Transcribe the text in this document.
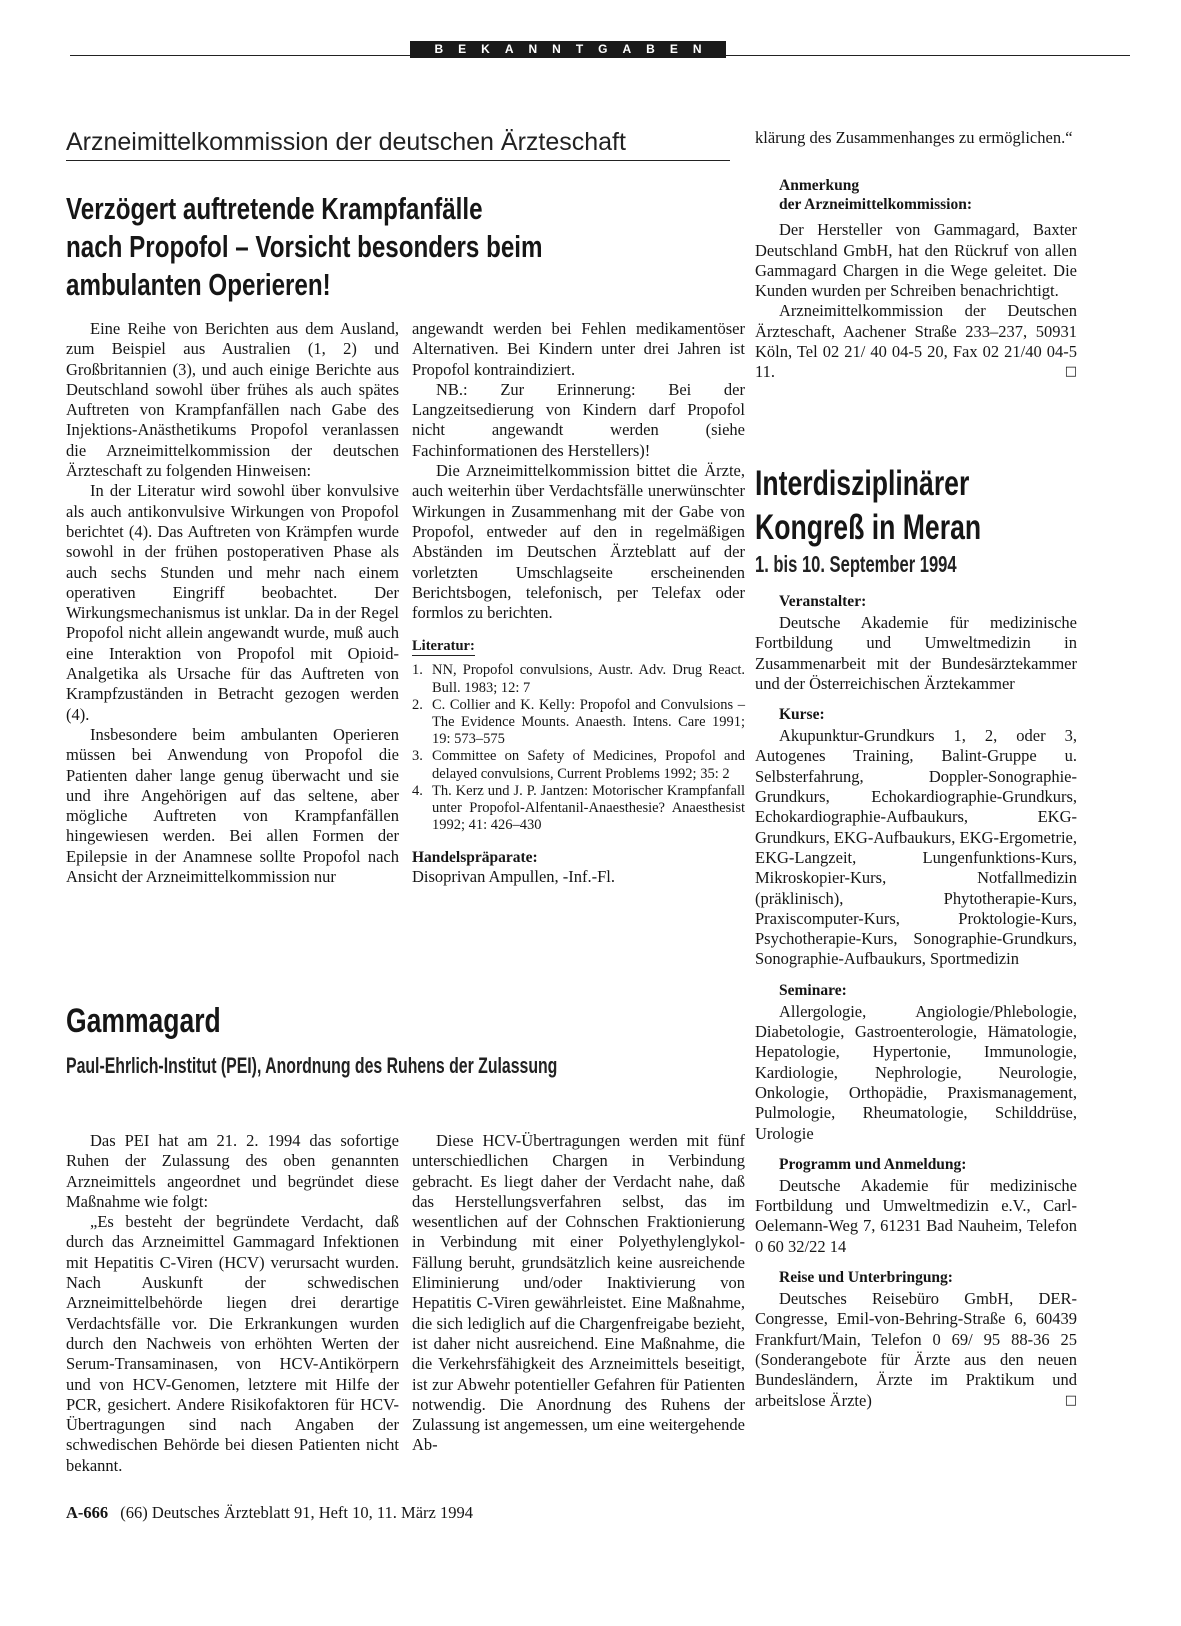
BEKANNTGABEN
Arzneimittelkommission der deutschen Ärzteschaft
Verzögert auftretende Krampfanfälle
nach Propofol – Vorsicht besonders beim
ambulanten Operieren!

Eine Reihe von Berichten aus dem Ausland, zum Beispiel aus Australien (1, 2) und Großbritannien (3), und auch einige Berichte aus Deutschland sowohl über frühes als auch spätes Auftreten von Krampfanfällen nach Gabe des Injektions-Anästhetikums Propofol veranlassen die Arzneimittelkommission der deutschen Ärzteschaft zu folgenden Hinweisen:

In der Literatur wird sowohl über konvulsive als auch antikonvulsive Wirkungen von Propofol berichtet (4). Das Auftreten von Krämpfen wurde sowohl in der frühen postoperativen Phase als auch sechs Stunden und mehr nach einem operativen Eingriff beobachtet. Der Wirkungsmechanismus ist unklar. Da in der Regel Propofol nicht allein angewandt wurde, muß auch eine Interaktion von Propofol mit Opioid-Analgetika als Ursache für das Auftreten von Krampfzuständen in Betracht gezogen werden (4).

Insbesondere beim ambulanten Operieren müssen bei Anwendung von Propofol die Patienten daher lange genug überwacht und sie und ihre Angehörigen auf das seltene, aber mögliche Auftreten von Krampfanfällen hingewiesen werden. Bei allen Formen der Epilepsie in der Anamnese sollte Propofol nach Ansicht der Arzneimittelkommission nur

angewandt werden bei Fehlen medikamentöser Alternativen. Bei Kindern unter drei Jahren ist Propofol kontraindiziert.

NB.: Zur Erinnerung: Bei der Langzeitsedierung von Kindern darf Propofol nicht angewandt werden (siehe Fachinformationen des Herstellers)!

Die Arzneimittelkommission bittet die Ärzte, auch weiterhin über Verdachtsfälle unerwünschter Wirkungen in Zusammenhang mit der Gabe von Propofol, entweder auf den in regelmäßigen Abständen im Deutschen Ärzteblatt auf der vorletzten Umschlagseite erscheinenden Berichtsbogen, telefonisch, per Telefax oder formlos zu berichten.

Literatur:
1. NN, Propofol convulsions, Austr. Adv. Drug React. Bull. 1983; 12: 7
2. C. Collier and K. Kelly: Propofol and Convulsions – The Evidence Mounts. Anaesth. Intens. Care 1991; 19: 573–575
3. Committee on Safety of Medicines, Propofol and delayed convulsions, Current Problems 1992; 35: 2
4. Th. Kerz und J. P. Jantzen: Motorischer Krampfanfall unter Propofol-Alfentanil-Anaesthesie? Anaesthesist 1992; 41: 426–430
Handelspräparate:
Disoprivan Ampullen, -Inf.-Fl.
Gammagard
Paul-Ehrlich-Institut (PEI), Anordnung des Ruhens der Zulassung

Das PEI hat am 21. 2. 1994 das sofortige Ruhen der Zulassung des oben genannten Arzneimittels angeordnet und begründet diese Maßnahme wie folgt:

„Es besteht der begründete Verdacht, daß durch das Arzneimittel Gammagard Infektionen mit Hepatitis C-Viren (HCV) verursacht wurden. Nach Auskunft der schwedischen Arzneimittelbehörde liegen drei derartige Verdachtsfälle vor. Die Erkrankungen wurden durch den Nachweis von erhöhten Werten der Serum-Transaminasen, von HCV-Antikörpern und von HCV-Genomen, letztere mit Hilfe der PCR, gesichert. Andere Risikofaktoren für HCV-Übertragungen sind nach Angaben der schwedischen Behörde bei diesen Patienten nicht bekannt.

Diese HCV-Übertragungen werden mit fünf unterschiedlichen Chargen in Verbindung gebracht. Es liegt daher der Verdacht nahe, daß das Herstellungsverfahren selbst, das im wesentlichen auf der Cohnschen Fraktionierung in Verbindung mit einer Polyethylenglykol-Fällung beruht, grundsätzlich keine ausreichende Eliminierung und/oder Inaktivierung von Hepatitis C-Viren gewährleistet. Eine Maßnahme, die sich lediglich auf die Chargenfreigabe bezieht, ist daher nicht ausreichend. Eine Maßnahme, die die Verkehrsfähigkeit des Arzneimittels beseitigt, ist zur Abwehr potentieller Gefahren für Patienten notwendig. Die Anordnung des Ruhens der Zulassung ist angemessen, um eine weitergehende Ab-

klärung des Zusammenhanges zu ermöglichen.“

Anmerkung
der Arzneimittelkommission:

Der Hersteller von Gammagard, Baxter Deutschland GmbH, hat den Rückruf von allen Gammagard Chargen in die Wege geleitet. Die Kunden wurden per Schreiben benachrichtigt.

Arzneimittelkommission der Deutschen Ärzteschaft, Aachener Straße 233–237, 50931 Köln, Tel 02 21/ 40 04-5 20, Fax 02 21/40 04-5 11.	□

Interdisziplinärer
Kongreß in Meran
1. bis 10. September 1994
Veranstalter:

Deutsche Akademie für medizinische Fortbildung und Umweltmedizin in Zusammenarbeit mit der Bundesärztekammer und der Österreichischen Ärztekammer

Kurse:

Akupunktur-Grundkurs 1, 2, oder 3, Autogenes Training, Balint-Gruppe u. Selbsterfahrung, Doppler-Sonographie-Grundkurs, Echokardiographie-Grundkurs, Echokardiographie-Aufbaukurs, EKG-Grundkurs, EKG-Aufbaukurs, EKG-Ergometrie, EKG-Langzeit, Lungenfunktions-Kurs, Mikroskopier-Kurs, Notfallmedizin (präklinisch), Phytotherapie-Kurs, Praxiscomputer-Kurs, Proktologie-Kurs, Psychotherapie-Kurs, Sonographie-Grundkurs, Sonographie-Aufbaukurs, Sportmedizin

Seminare:

Allergologie, Angiologie/Phlebologie, Diabetologie, Gastroenterologie, Hämatologie, Hepatologie, Hypertonie, Immunologie, Kardiologie, Nephrologie, Neurologie, Onkologie, Orthopädie, Praxismanagement, Pulmologie, Rheumatologie, Schilddrüse, Urologie

Programm und Anmeldung:

Deutsche Akademie für medizinische Fortbildung und Umweltmedizin e.V., Carl-Oelemann-Weg 7, 61231 Bad Nauheim, Telefon 0 60 32/22 14

Reise und Unterbringung:

Deutsches Reisebüro GmbH, DER-Congresse, Emil-von-Behring-Straße 6, 60439 Frankfurt/Main, Telefon 0 69/ 95 88-36 25 (Sonderangebote für Ärzte aus den neuen Bundesländern, Ärzte im Praktikum und arbeitslose Ärzte)	□

A-666 (66) Deutsches Ärzteblatt 91, Heft 10, 11. März 1994
